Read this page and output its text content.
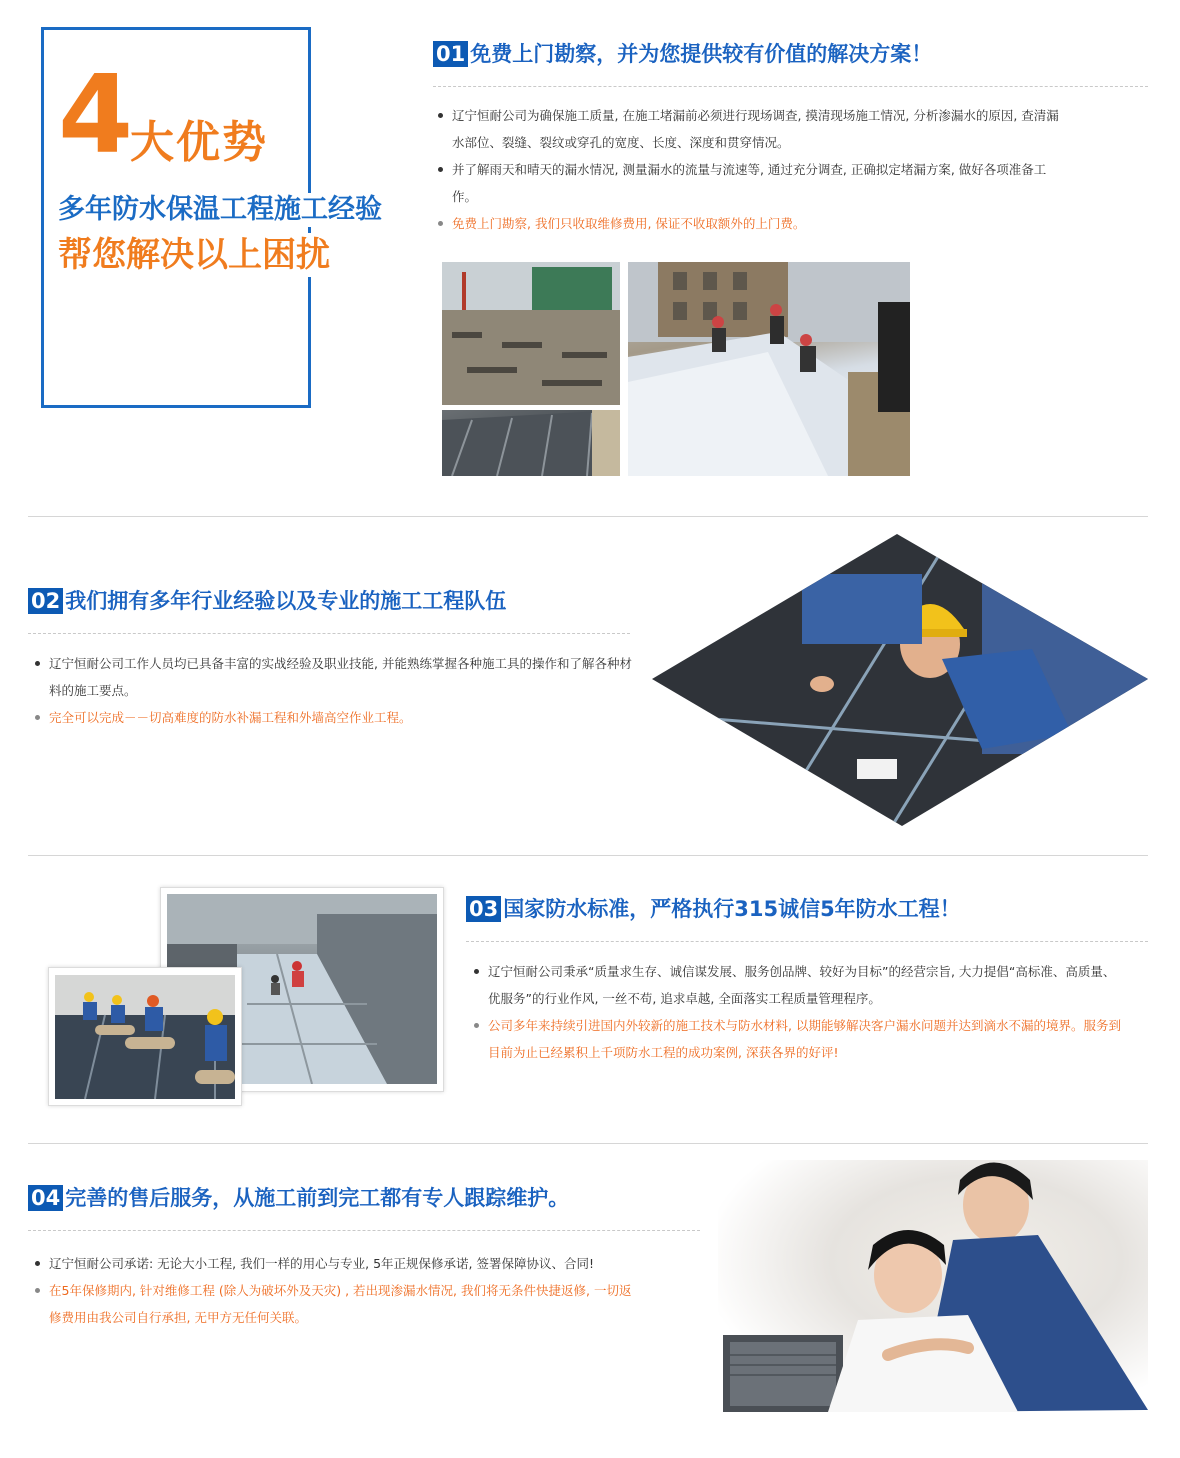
4
大优势
多年防水保温工程施工经验
帮您解决以上困扰
01 免费上门勘察，并为您提供较有价值的解决方案！
辽宁恒耐公司为确保施工质量, 在施工堵漏前必须进行现场调查, 摸清现场施工情况, 分析渗漏水的原因, 查清漏水部位、裂缝、裂纹或穿孔的宽度、长度、深度和贯穿情况。
并了解雨天和晴天的漏水情况, 测量漏水的流量与流速等, 通过充分调查, 正确拟定堵漏方案, 做好各项准备工作。
免费上门勘察, 我们只收取维修费用, 保证不收取额外的上门费。
02 我们拥有多年行业经验以及专业的施工工程队伍
辽宁恒耐公司工作人员均已具备丰富的实战经验及职业技能, 并能熟练掌握各种施工具的操作和了解各种材料的施工要点。
完全可以完成－－切高难度的防水补漏工程和外墙高空作业工程。
03 国家防水标准，严格执行315诚信5年防水工程！
辽宁恒耐公司秉承“质量求生存、诚信谋发展、服务创品牌、较好为目标”的经营宗旨, 大力提倡“高标准、高质量、优服务”的行业作风, 一丝不苟, 追求卓越, 全面落实工程质量管理程序。
公司多年来持续引进国内外较新的施工技术与防水材料, 以期能够解决客户漏水问题并达到滴水不漏的境界。服务到目前为止已经累积上千项防水工程的成功案例, 深获各界的好评!
04 完善的售后服务，从施工前到完工都有专人跟踪维护。
辽宁恒耐公司承诺: 无论大小工程, 我们一样的用心与专业, 5年正规保修承诺, 签署保障协议、合同!
在5年保修期内, 针对维修工程 (除人为破坏外及天灾) , 若出现渗漏水情况, 我们将无条件快捷返修, 一切返修费用由我公司自行承担, 无甲方无任何关联。
